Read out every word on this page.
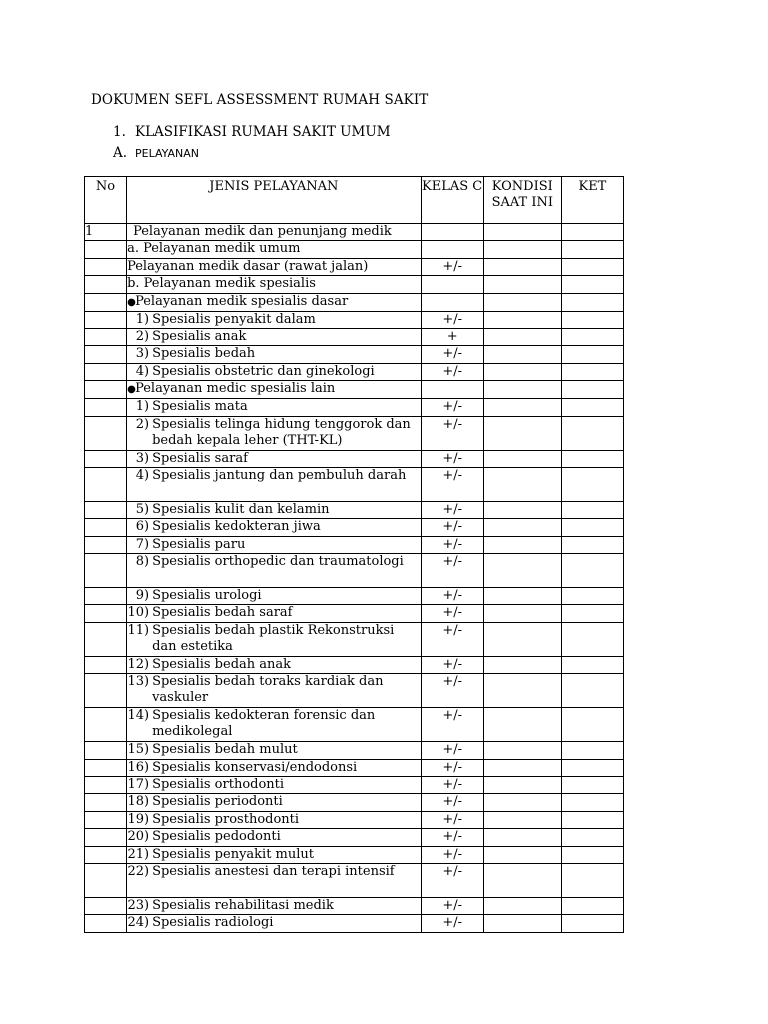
DOKUMEN SEFL ASSESSMENT RUMAH SAKIT
1. KLASIFIKASI RUMAH SAKIT UMUM
A. PELAYANAN
No	JENIS PELAYANAN	KELAS C	KONDISI SAAT INI	KET
1	Pelayanan medik dan penunjang medik			
	a. Pelayanan medik umum			
	Pelayanan medik dasar (rawat jalan)	+/-		
	b. Pelayanan medik spesialis			
	●Pelayanan medik spesialis dasar			

	1) Spesialis penyakit dalam	+/-		

	2) Spesialis anak	+		

	3) Spesialis bedah	+/-		

	4) Spesialis obstetric dan ginekologi	+/-		
	●Pelayanan medic spesialis lain			

	1) Spesialis mata	+/-		

	2) Spesialis telinga hidung tenggorok dan bedah kepala leher (THT-KL)	+/-		

	3) Spesialis saraf	+/-		

	4) Spesialis jantung dan pembuluh darah	+/-		

	5) Spesialis kulit dan kelamin	+/-		

	6) Spesialis kedokteran jiwa	+/-		

	7) Spesialis paru	+/-		

	8) Spesialis orthopedic dan traumatologi	+/-		

	9) Spesialis urologi	+/-		

	10) Spesialis bedah saraf	+/-		

	11) Spesialis bedah plastik Rekonstruksi dan estetika	+/-		

	12) Spesialis bedah anak	+/-		

	13) Spesialis bedah toraks kardiak dan vaskuler	+/-		

	14) Spesialis kedokteran forensic dan medikolegal	+/-		

	15) Spesialis bedah mulut	+/-		

	16) Spesialis konservasi/endodonsi	+/-		

	17) Spesialis orthodonti	+/-		

	18) Spesialis periodonti	+/-		

	19) Spesialis prosthodonti	+/-		

	20) Spesialis pedodonti	+/-		

	21) Spesialis penyakit mulut	+/-		

	22) Spesialis anestesi dan terapi intensif	+/-		

	23) Spesialis rehabilitasi medik	+/-		

	24) Spesialis radiologi	+/-		
